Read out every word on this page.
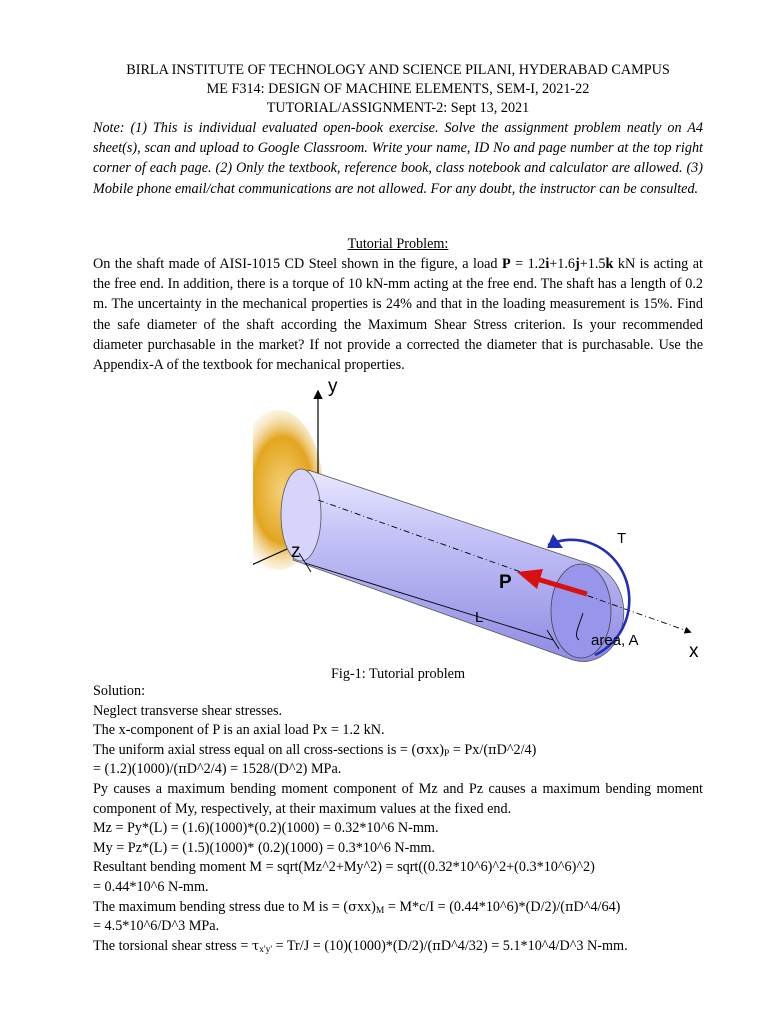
BIRLA INSTITUTE OF TECHNOLOGY AND SCIENCE PILANI, HYDERABAD CAMPUS
ME F314: DESIGN OF MACHINE ELEMENTS, SEM-I, 2021-22
TUTORIAL/ASSIGNMENT-2: Sept 13, 2021
Note: (1) This is individual evaluated open-book exercise. Solve the assignment problem neatly on A4 sheet(s), scan and upload to Google Classroom. Write your name, ID No and page number at the top right corner of each page. (2) Only the textbook, reference book, class notebook and calculator are allowed. (3) Mobile phone email/chat communications are not allowed. For any doubt, the instructor can be consulted.
Tutorial Problem:
On the shaft made of AISI-1015 CD Steel shown in the figure, a load P = 1.2i+1.6j+1.5k kN is acting at the free end. In addition, there is a torque of 10 kN-mm acting at the free end. The shaft has a length of 0.2 m. The uncertainty in the mechanical properties is 24% and that in the loading measurement is 15%. Find the safe diameter of the shaft according the Maximum Shear Stress criterion. Is your recommended diameter purchasable in the market? If not provide a corrected the diameter that is purchasable. Use the Appendix-A of the textbook for mechanical properties.
y
z
x
P
T
L
area, A
Fig-1: Tutorial problem
Solution:
Neglect transverse shear stresses.
The x-component of P is an axial load Px = 1.2 kN.
The uniform axial stress equal on all cross-sections is = $(\sigma xx)_P$ = Px/(πD^2/4)
= (1.2)(1000)/(πD^2/4) = 1528/(D^2) MPa.
Py causes a maximum bending moment component of Mz and Pz causes a maximum bending moment component of My, respectively, at their maximum values at the fixed end.
Mz = Py*(L) = (1.6)(1000)*(0.2)(1000) = 0.32*10^6 N-mm.
My = Pz*(L) = (1.5)(1000)* (0.2)(1000) = 0.3*10^6 N-mm.
Resultant bending moment M = sqrt(Mz^2+My^2) = sqrt((0.32*10^6)^2+(0.3*10^6)^2)
= 0.44*10^6 N-mm.
The maximum bending stress due to M is = $(\sigma xx)_M = M*c/I$ = (0.44*10^6)*(D/2)/(πD^4/64)
= 4.5*10^6/D^3 MPa.
The torsional shear stress = $\tau_{x'y'} = Tr/J$ = (10)(1000)*(D/2)/(πD^4/32) = 5.1*10^4/D^3 N-mm.
